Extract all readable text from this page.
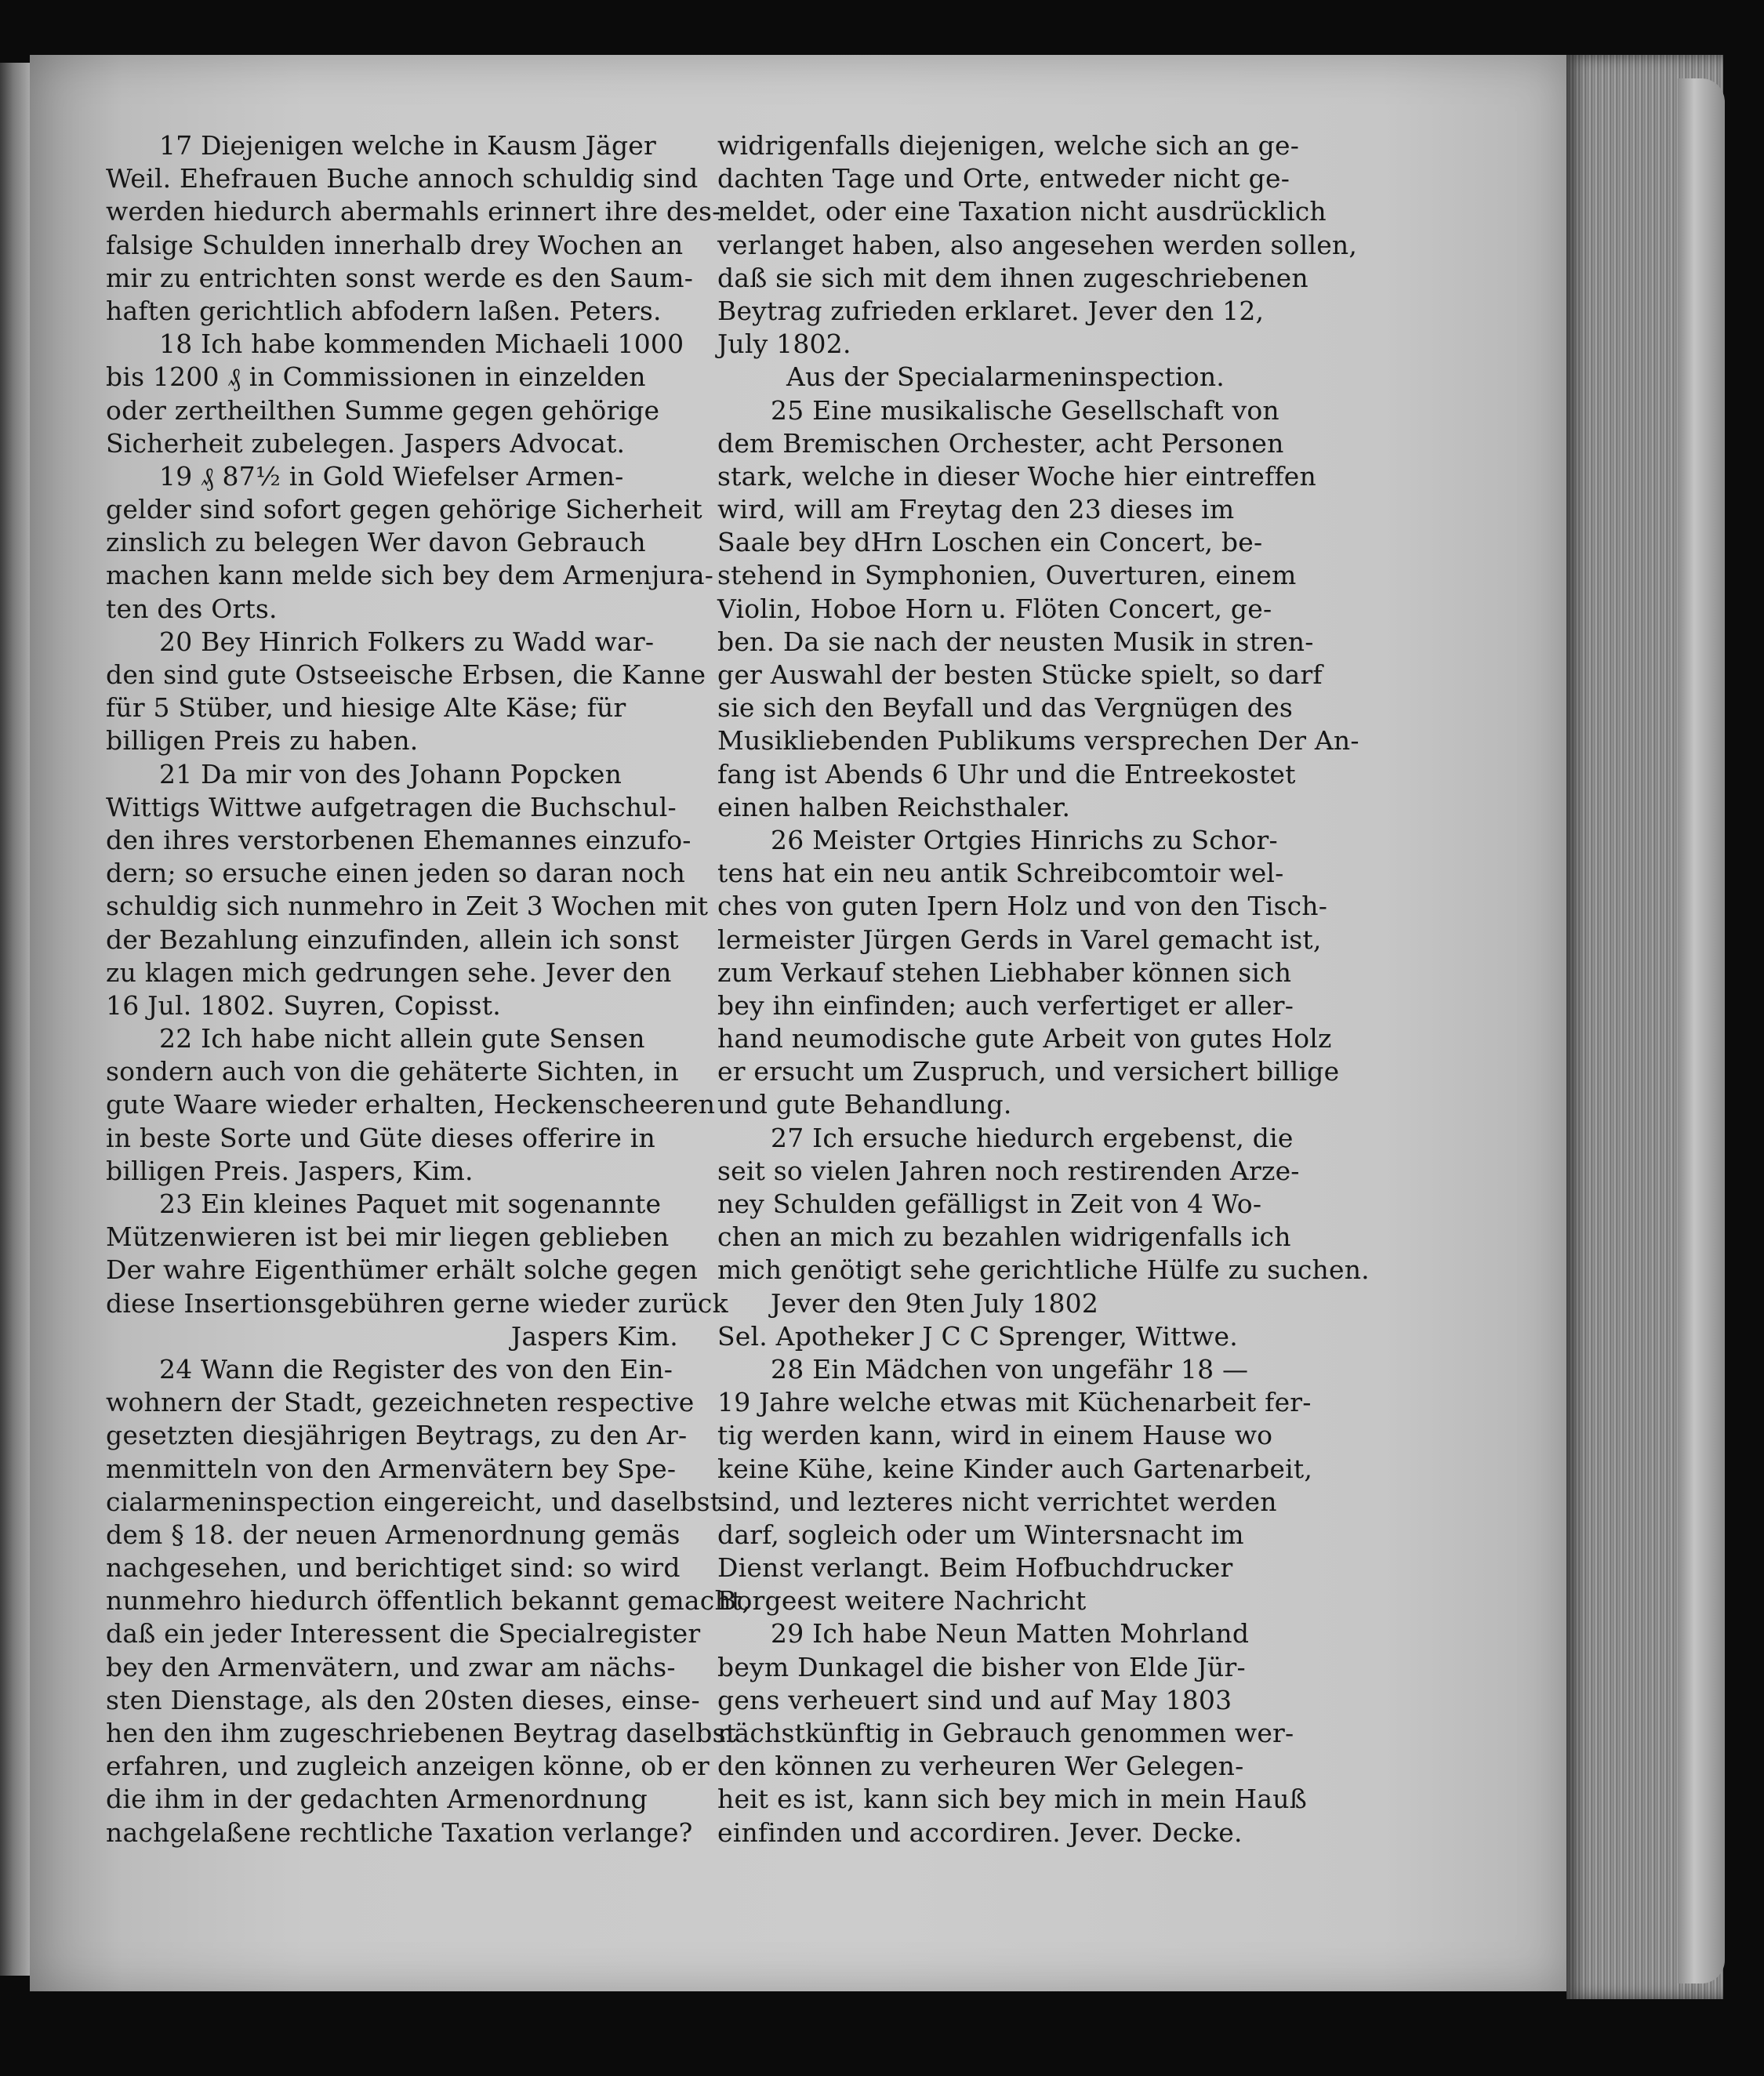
17 Diejenigen welche in Kausm Jäger
Weil. Ehefrauen Buche annoch schuldig sind
werden hiedurch abermahls erinnert ihre des-
falsige Schulden innerhalb drey Wochen an
mir zu entrichten sonst werde es den Saum-
haften gerichtlich abfodern laßen. Peters.
18 Ich habe kommenden Michaeli 1000
bis 1200 ₰ in Commissionen in einzelden
oder zertheilthen Summe gegen gehörige
Sicherheit zubelegen. Jaspers Advocat.
19 ₰ 87½ in Gold Wiefelser Armen-
gelder sind sofort gegen gehörige Sicherheit
zinslich zu belegen Wer davon Gebrauch
machen kann melde sich bey dem Armenjura-
ten des Orts.
20 Bey Hinrich Folkers zu Wadd war-
den sind gute Ostseeische Erbsen, die Kanne
für 5 Stüber, und hiesige Alte Käse; für
billigen Preis zu haben.
21 Da mir von des Johann Popcken
Wittigs Wittwe aufgetragen die Buchschul-
den ihres verstorbenen Ehemannes einzufo-
dern; so ersuche einen jeden so daran noch
schuldig sich nunmehro in Zeit 3 Wochen mit
der Bezahlung einzufinden, allein ich sonst
zu klagen mich gedrungen sehe. Jever den
16 Jul. 1802. Suyren, Copisst.
22 Ich habe nicht allein gute Sensen
sondern auch von die gehäterte Sichten, in
gute Waare wieder erhalten, Heckenscheeren
in beste Sorte und Güte dieses offerire in
billigen Preis. Jaspers, Kim.
23 Ein kleines Paquet mit sogenannte
Mützenwieren ist bei mir liegen geblieben
Der wahre Eigenthümer erhält solche gegen
diese Insertionsgebühren gerne wieder zurück
Jaspers Kim.
24 Wann die Register des von den Ein-
wohnern der Stadt, gezeichneten respective
gesetzten diesjährigen Beytrags, zu den Ar-
menmitteln von den Armenvätern bey Spe-
cialarmeninspection eingereicht, und daselbst
dem § 18. der neuen Armenordnung gemäs
nachgesehen, und berichtiget sind: so wird
nunmehro hiedurch öffentlich bekannt gemacht,
daß ein jeder Interessent die Specialregister
bey den Armenvätern, und zwar am nächs-
sten Dienstage, als den 20sten dieses, einse-
hen den ihm zugeschriebenen Beytrag daselbst
erfahren, und zugleich anzeigen könne, ob er
die ihm in der gedachten Armenordnung
nachgelaßene rechtliche Taxation verlange?
widrigenfalls diejenigen, welche sich an ge-
dachten Tage und Orte, entweder nicht ge-
meldet, oder eine Taxation nicht ausdrücklich
verlanget haben, also angesehen werden sollen,
daß sie sich mit dem ihnen zugeschriebenen
Beytrag zufrieden erklaret. Jever den 12,
July 1802.
Aus der Specialarmeninspection.
25 Eine musikalische Gesellschaft von
dem Bremischen Orchester, acht Personen
stark, welche in dieser Woche hier eintreffen
wird, will am Freytag den 23 dieses im
Saale bey dHrn Loschen ein Concert, be-
stehend in Symphonien, Ouverturen, einem
Violin, Hoboe Horn u. Flöten Concert, ge-
ben. Da sie nach der neusten Musik in stren-
ger Auswahl der besten Stücke spielt, so darf
sie sich den Beyfall und das Vergnügen des
Musikliebenden Publikums versprechen Der An-
fang ist Abends 6 Uhr und die Entreekostet
einen halben Reichsthaler.
26 Meister Ortgies Hinrichs zu Schor-
tens hat ein neu antik Schreibcomtoir wel-
ches von guten Ipern Holz und von den Tisch-
lermeister Jürgen Gerds in Varel gemacht ist,
zum Verkauf stehen Liebhaber können sich
bey ihn einfinden; auch verfertiget er aller-
hand neumodische gute Arbeit von gutes Holz
er ersucht um Zuspruch, und versichert billige
und gute Behandlung.
27 Ich ersuche hiedurch ergebenst, die
seit so vielen Jahren noch restirenden Arze-
ney Schulden gefälligst in Zeit von 4 Wo-
chen an mich zu bezahlen widrigenfalls ich
mich genötigt sehe gerichtliche Hülfe zu suchen.
Jever den 9ten July 1802
Sel. Apotheker J C C Sprenger, Wittwe.
28 Ein Mädchen von ungefähr 18 —
19 Jahre welche etwas mit Küchenarbeit fer-
tig werden kann, wird in einem Hause wo
keine Kühe, keine Kinder auch Gartenarbeit,
sind, und lezteres nicht verrichtet werden
darf, sogleich oder um Wintersnacht im
Dienst verlangt. Beim Hofbuchdrucker
Borgeest weitere Nachricht
29 Ich habe Neun Matten Mohrland
beym Dunkagel die bisher von Elde Jür-
gens verheuert sind und auf May 1803
nächstkünftig in Gebrauch genommen wer-
den können zu verheuren Wer Gelegen-
heit es ist, kann sich bey mich in mein Hauß
einfinden und accordiren. Jever. Decke.
